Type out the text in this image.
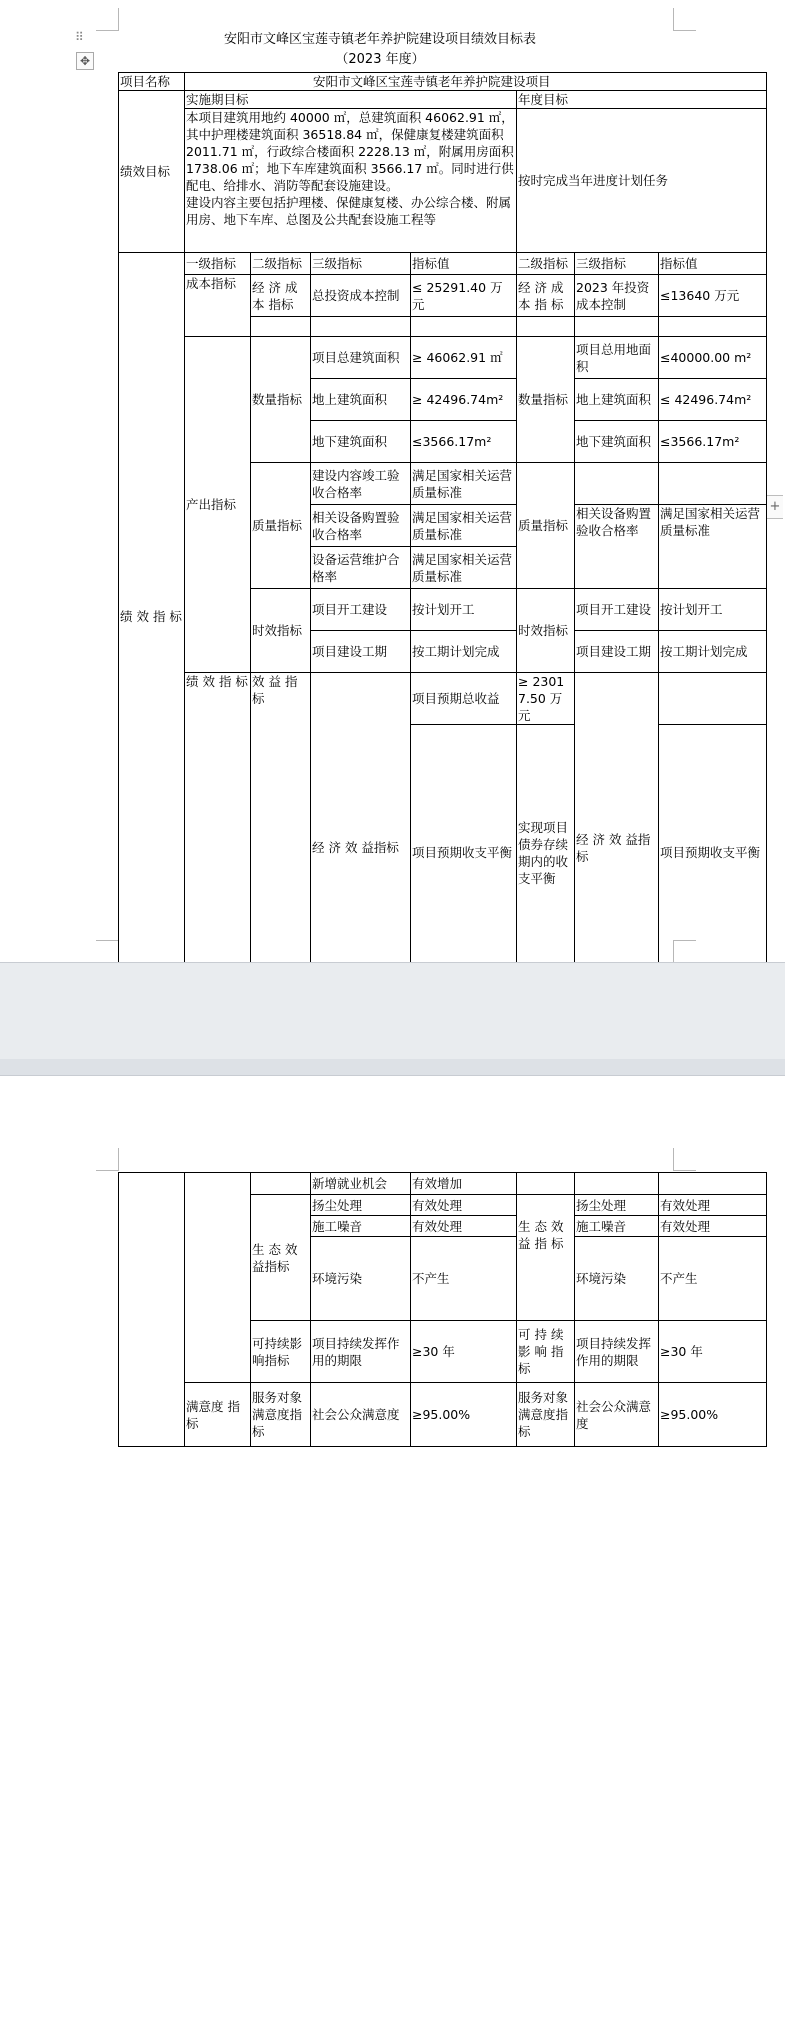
⠿
✥
+
安阳市文峰区宝莲寺镇老年养护院建设项目绩效目标表
（2023 年度）
项目名称	安阳市文峰区宝莲寺镇老年养护院建设项目							
绩效目标	实施期目标				年度目标			
	本项目建筑用地约 40000 ㎡，总建筑面积 46062.91 ㎡，其中护理楼建筑面积 36518.84 ㎡，保健康复楼建筑面积 2011.71 ㎡，行政综合楼面积 2228.13 ㎡，附属用房面积 1738.06 ㎡；地下车库建筑面积 3566.17 ㎡。同时进行供配电、给排水、消防等配套设施建设。
建设内容主要包括护理楼、保健康复楼、办公综合楼、附属用房、地下车库、总图及公共配套设施工程等				按时完成当年进度计划任务			
绩 效 指 标	一级指标	二级指标	三级指标	指标值	二级指标	三级指标	指标值	
	成本指标	经 济 成 本 指标	总投资成本控制	≤ 25291.40 万元	经 济 成 本 指 标	2023 年投资成本控制	≤13640 万元	

	产出指标	数量指标	项目总建筑面积	≥ 46062.91 ㎡	数量指标	项目总用地面积	≤40000.00 m²	
			地上建筑面积	≥ 42496.74m²		地上建筑面积	≤ 42496.74m²	
			地下建筑面积	≤3566.17m²		地下建筑面积	≤3566.17m²	
		质量指标	建设内容竣工验收合格率	满足国家相关运营质量标准	质量指标			
			相关设备购置验收合格率	满足国家相关运营质量标准		相关设备购置验收合格率	满足国家相关运营质量标准	
			设备运营维护合格率	满足国家相关运营质量标准				
		时效指标	项目开工建设	按计划开工	时效指标	项目开工建设	按计划开工	
			项目建设工期	按工期计划完成		项目建设工期	按工期计划完成	
	绩 效 指 标	效 益 指 标	经 济 效 益指标	项目预期总收益	≥ 23017.50 万元	经 济 效 益指标		
				项目预期收支平衡	实现项目债券存续期内的收支平衡		项目预期收支平衡	

			新增就业机会	有效增加			
		生 态 效 益指标	扬尘处理	有效处理	生 态 效 益 指 标	扬尘处理	有效处理
			施工噪音	有效处理		施工噪音	有效处理
			环境污染	不产生		环境污染	不产生
		可持续影响指标	项目持续发挥作用的期限	≥30 年	可 持 续 影 响 指标	项目持续发挥作用的期限	≥30 年

	满意度 指标	服务对象满意度指标	社会公众满意度	≥95.00%	服务对象满意度指标	社会公众满意度	≥95.00%
